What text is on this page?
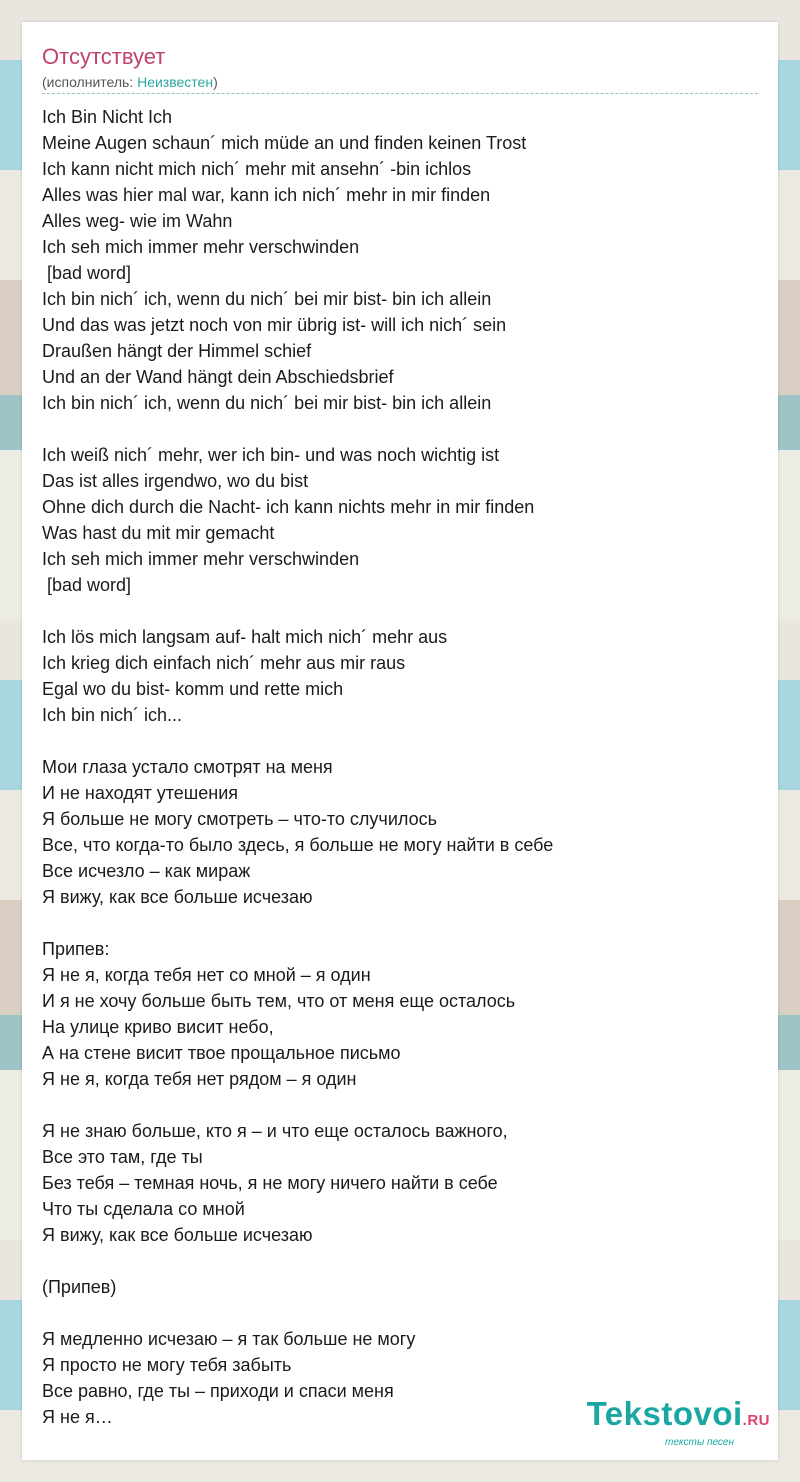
Отсутствует
(исполнитель: Неизвестен)
Ich Bin Nicht Ich
Meine Augen schaun´ mich müde an und finden keinen Trost
Ich kann nicht mich nich´ mehr mit ansehn´ -bin ichlos
Alles was hier mal war, kann ich nich´ mehr in mir finden
Alles weg- wie im Wahn
Ich seh mich immer mehr verschwinden
[bad word]
Ich bin nich´ ich, wenn du nich´ bei mir bist- bin ich allein
Und das was jetzt noch von mir übrig ist- will ich nich´ sein
Draußen hängt der Himmel schief
Und an der Wand hängt dein Abschiedsbrief
Ich bin nich´ ich, wenn du nich´ bei mir bist- bin ich allein
Ich weiß nich´ mehr, wer ich bin- und was noch wichtig ist
Das ist alles irgendwo, wo du bist
Ohne dich durch die Nacht- ich kann nichts mehr in mir finden
Was hast du mit mir gemacht
Ich seh mich immer mehr verschwinden
[bad word]
Ich lös mich langsam auf- halt mich nich´ mehr aus
Ich krieg dich einfach nich´ mehr aus mir raus
Egal wo du bist- komm und rette mich
Ich bin nich´ ich...
Мои глаза устало смотрят на меня
И не находят утешения
Я больше не могу смотреть – что-то случилось
Все, что когда-то было здесь, я больше не могу найти в себе
Все исчезло – как мираж
Я вижу, как все больше исчезаю
Припев:
Я не я, когда тебя нет со мной – я один
И я не хочу больше быть тем, что от меня еще осталось
На улице криво висит небо,
А на стене висит твое прощальное письмо
Я не я, когда тебя нет рядом – я один
Я не знаю больше, кто я – и что еще осталось важного,
Все это там, где ты
Без тебя – темная ночь, я не могу ничего найти в себе
Что ты сделала со мной
Я вижу, как все больше исчезаю
(Припев)
Я медленно исчезаю – я так больше не могу
Я просто не могу тебя забыть
Все равно, где ты – приходи и спаси меня
Я не я…	Tekstovoi.RU
тексты песен
